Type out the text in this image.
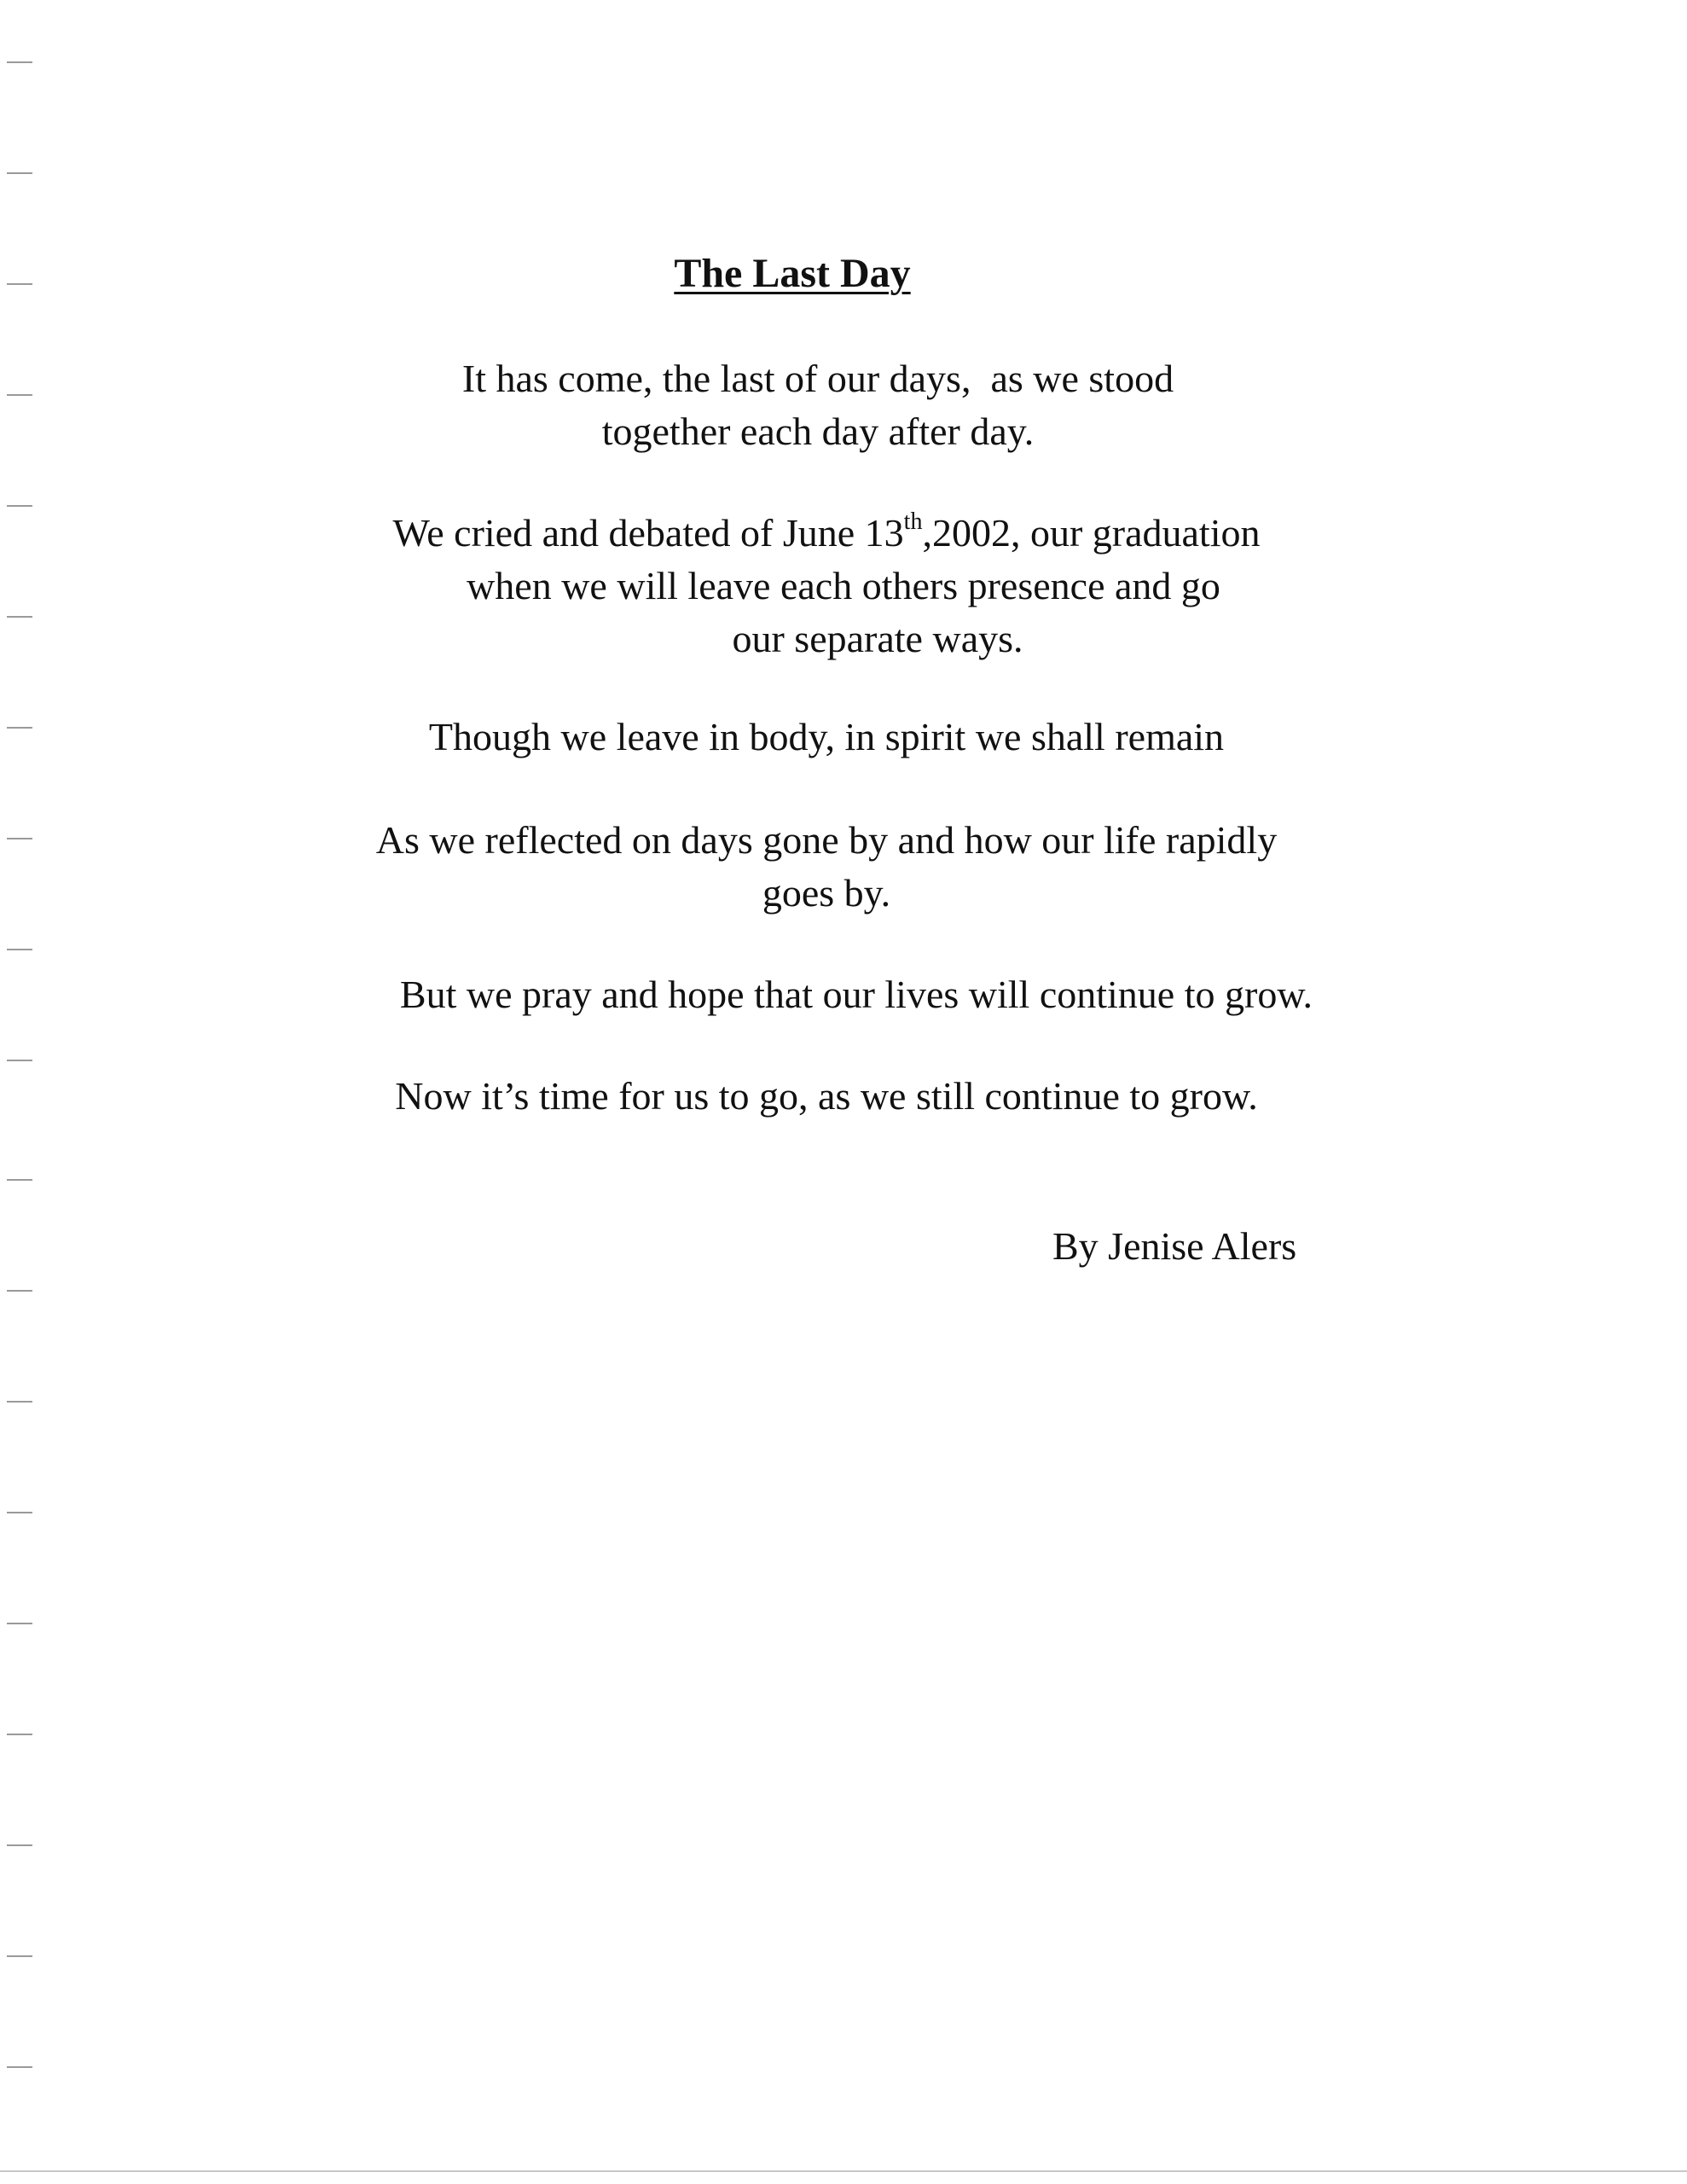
The Last Day

It has come, the last of our days,  as we stood
together each day after day.

We cried and debated of June 13th,2002, our graduation
when we will leave each others presence and go
our separate ways.

Though we leave in body, in spirit we shall remain

As we reflected on days gone by and how our life rapidly
goes by.

But we pray and hope that our lives will continue to grow.

Now it’s time for us to go, as we still continue to grow.

By Jenise Alers
